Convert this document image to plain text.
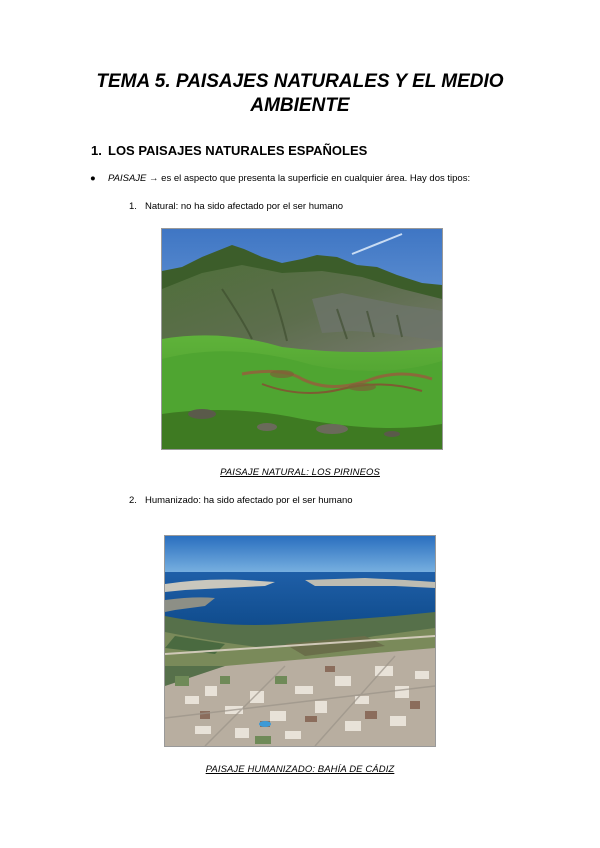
TEMA 5. PAISAJES NATURALES Y EL MEDIO AMBIENTE
1. LOS PAISAJES NATURALES ESPAÑOLES
● PAISAJE → es el aspecto que presenta la superficie en cualquier área. Hay dos tipos:
1. Natural: no ha sido afectado por el ser humano
PAISAJE NATURAL: LOS PIRINEOS
2. Humanizado: ha sido afectado por el ser humano
PAISAJE HUMANIZADO: BAHÍA DE CÁDIZ
